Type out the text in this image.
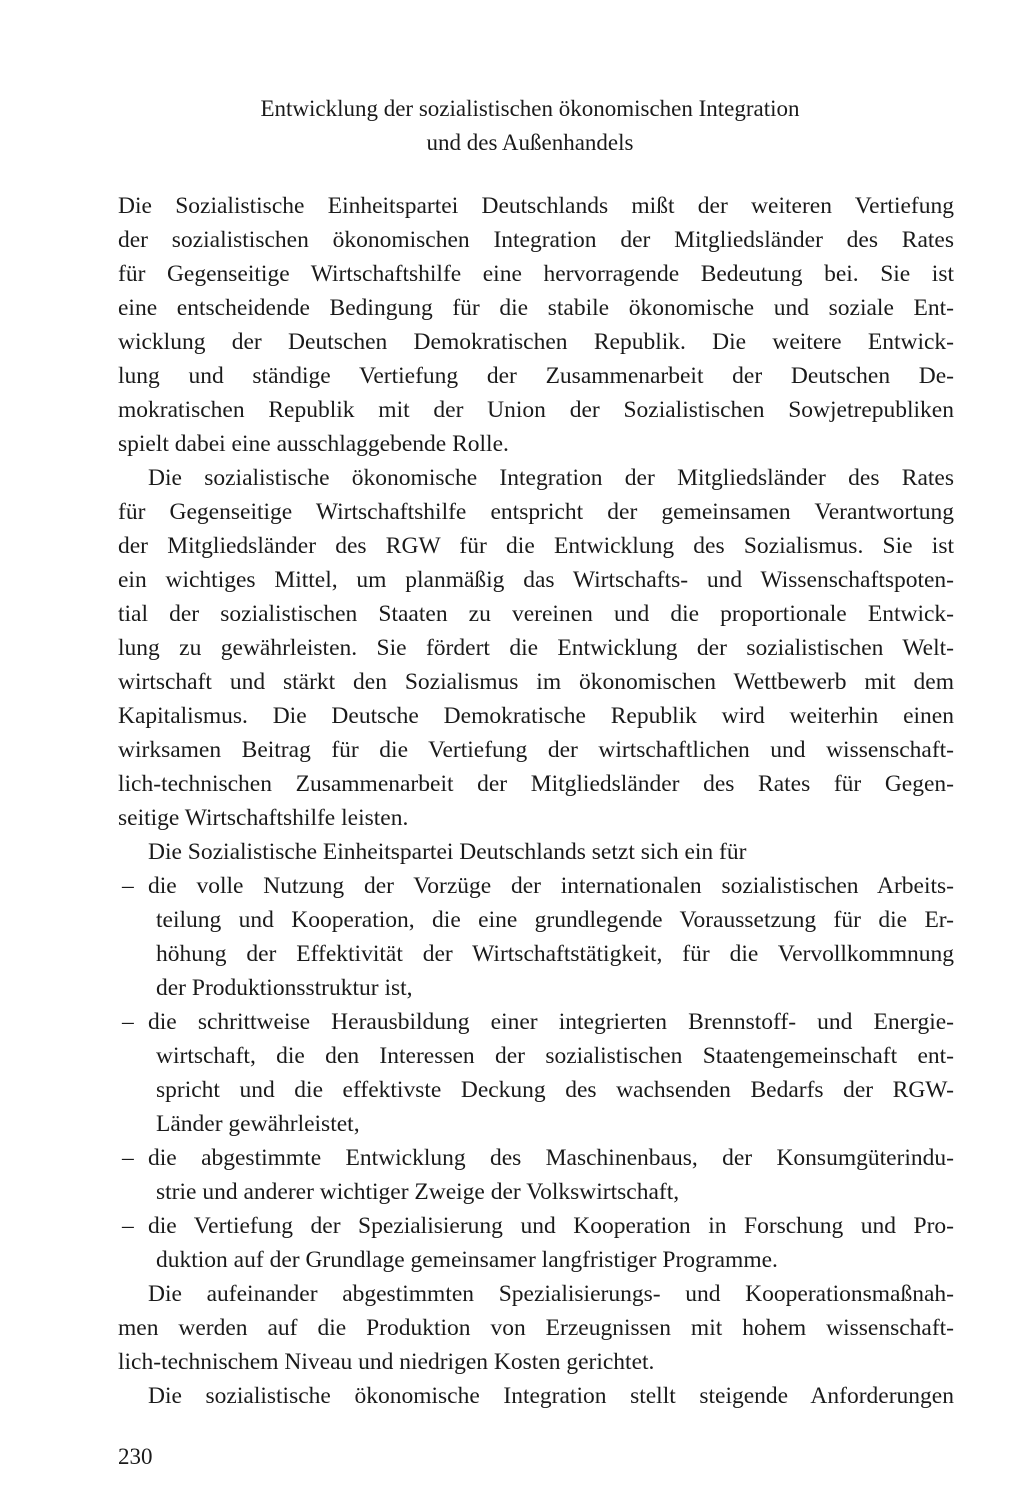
Entwicklung der sozialistischen ökonomischen Integration
und des Außenhandels
Die Sozialistische Einheitspartei Deutschlands mißt der weiteren Vertiefung
der sozialistischen ökonomischen Integration der Mitgliedsländer des Rates
für Gegenseitige Wirtschaftshilfe eine hervorragende Bedeutung bei. Sie ist
eine entscheidende Bedingung für die stabile ökonomische und soziale Ent-
wicklung der Deutschen Demokratischen Republik. Die weitere Entwick-
lung und ständige Vertiefung der Zusammenarbeit der Deutschen De-
mokratischen Republik mit der Union der Sozialistischen Sowjetrepubliken
spielt dabei eine ausschlaggebende Rolle.
Die sozialistische ökonomische Integration der Mitgliedsländer des Rates
für Gegenseitige Wirtschaftshilfe entspricht der gemeinsamen Verantwortung
der Mitgliedsländer des RGW für die Entwicklung des Sozialismus. Sie ist
ein wichtiges Mittel, um planmäßig das Wirtschafts- und Wissenschaftspoten-
tial der sozialistischen Staaten zu vereinen und die proportionale Entwick-
lung zu gewährleisten. Sie fördert die Entwicklung der sozialistischen Welt-
wirtschaft und stärkt den Sozialismus im ökonomischen Wettbewerb mit dem
Kapitalismus. Die Deutsche Demokratische Republik wird weiterhin einen
wirksamen Beitrag für die Vertiefung der wirtschaftlichen und wissenschaft-
lich-technischen Zusammenarbeit der Mitgliedsländer des Rates für Gegen-
seitige Wirtschaftshilfe leisten.
Die Sozialistische Einheitspartei Deutschlands setzt sich ein für
– die volle Nutzung der Vorzüge der internationalen sozialistischen Arbeits-
teilung und Kooperation, die eine grundlegende Voraussetzung für die Er-
höhung der Effektivität der Wirtschaftstätigkeit, für die Vervollkommnung
der Produktionsstruktur ist,
– die schrittweise Herausbildung einer integrierten Brennstoff- und Energie-
wirtschaft, die den Interessen der sozialistischen Staatengemeinschaft ent-
spricht und die effektivste Deckung des wachsenden Bedarfs der RGW-
Länder gewährleistet,
– die abgestimmte Entwicklung des Maschinenbaus, der Konsumgüterindu-
strie und anderer wichtiger Zweige der Volkswirtschaft,
– die Vertiefung der Spezialisierung und Kooperation in Forschung und Pro-
duktion auf der Grundlage gemeinsamer langfristiger Programme.
Die aufeinander abgestimmten Spezialisierungs- und Kooperationsmaßnah-
men werden auf die Produktion von Erzeugnissen mit hohem wissenschaft-
lich-technischem Niveau und niedrigen Kosten gerichtet.
Die sozialistische ökonomische Integration stellt steigende Anforderungen
230
